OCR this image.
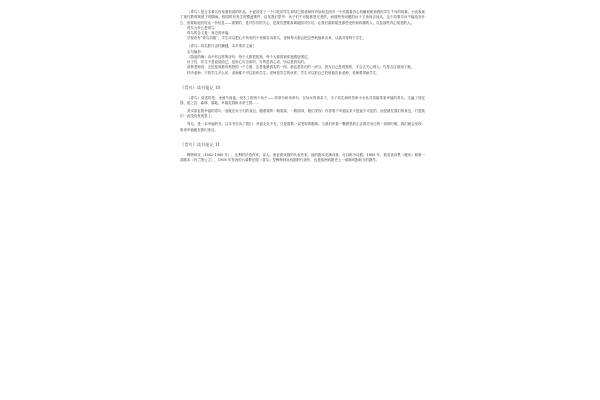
《青鸟》是日本著名作家重松清的作品。小说讲述了一个口吃的学生和结巴的老师村内如何去面对一个怀揣着内心伤痛和孤独感的学生千叶的故事。小说表现了现代教育制度下的隔阂，校园时有发生的霸凌事件，启发我们思考：孩子们不可能都是完美的，而那些有问题的孩子又该何去何从。这个故事告诉不能改变什么，但要给他们传达一份信息——重要的，是对你们的关心，是我们想要真诚地面对你们。让我们重新接受那些受伤和疼痛的人，以及那些内心孤独的人。

青鸟为什么是青鸟：

青鸟的含义是：身边的幸福。

学校设有“青鸟信箱”，学生可以把心中所有的不快都告诉青鸟，老师每天都会把这些烦恼拿出来，认真对待每个学生。

《青鸟》同名影片由村濑健，本乡奏多主演！

名句摘抄：

《蔚蓝的海》诗中有这样的诗句：每个人都很孤独，每个人都曾被孤独感包围过。

孩子们，作文不是说说而已，是用心写出来的，写的是真心话，所以是真实的。

高桥老师说：无论是谁都有孤独的一个方面，这是他最真实的一面，那也是你们的一部分。因为自己是孤独的，才会去关心别人。你是否注意到了呢。

村内老师：不管学生多么坏，老师都不可以放弃学生。老师是学生的伙伴，学生可以把自己的烦恼告诉老师，老师要帮助学生。

《青鸟》读书笔记 10

《青鸟》讲述的是：圣诞节前夜，伐木工的两个孩子——蒂蒂尔和米蒂尔，在仙女的请求下，为了给生病的邻家小女孩寻找能带来幸福的青鸟，走遍了回忆国、夜之宫、森林、墓地、幸福花园和未来王国……

其实象征着幸福的青鸟一直就在孩子们的身边，随着我的一路阅读，一路阅读，我们发现：作者笔下幸福从来不是遥不可及的，而是就在我们的身边，只是我们一直没有发现罢了。

青鸟，是一本幸福的书。这本书告诉了我们：幸福无处不在，只是需要一双发现的眼睛。当我们怀着一颗感恩的心去面对身边的一切的时候，我们就会发现：原来幸福就在我们身边。

《青鸟》读书笔记 11

梅特林克（1862-1949 年），比利时法语作家、诗人、象征派戏剧的代表作家，他的剧本充满诗意，可以称为诗剧。1889 年，他发表诗集《暖房》和第一部剧本《玛兰纳公主》，1908 年发表的六幕梦幻剧《青鸟》是梅特林克戏剧的代表作，也是欧洲戏剧史上一部颇具影响力的剧作。
